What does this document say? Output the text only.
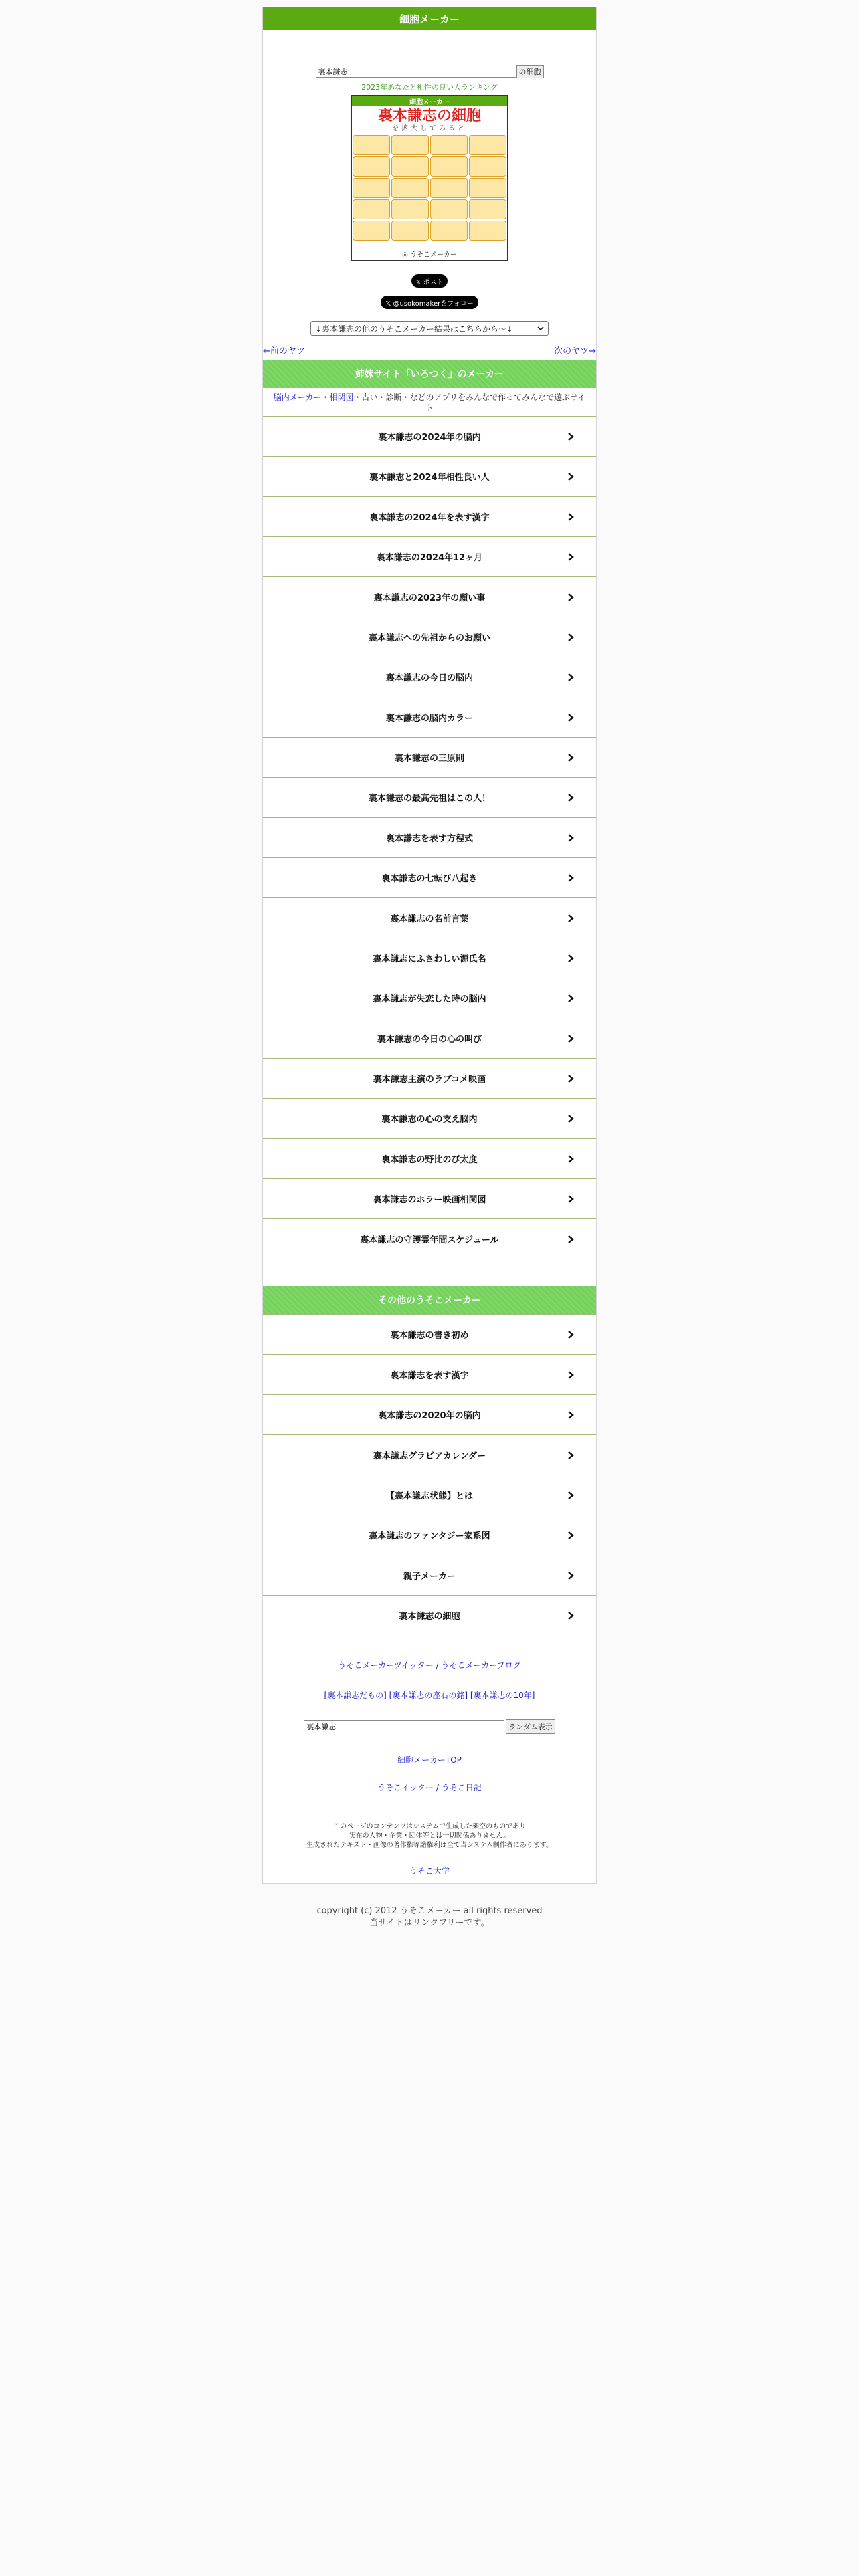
細胞メーカー
裏本謙志
の細胞
2023年あなたと相性の良い人ランキング
細胞メーカー
裏本謙志の細胞
を拡大してみると
◎ うそこメーカー
𝕏 ポスト
𝕏 @usokomakerをフォロー
↓裏本謙志の他のうそこメーカー結果はこちらから～↓
←前のヤツ	次のヤツ→
姉妹サイト「いろつく」のメーカー
脳内メーカー・相関図・占い・診断・などのアプリをみんなで作ってみんなで遊ぶサイト
裏本謙志の2024年の脳内
裏本謙志と2024年相性良い人
裏本謙志の2024年を表す漢字
裏本謙志の2024年12ヶ月
裏本謙志の2023年の願い事
裏本謙志への先祖からのお願い
裏本謙志の今日の脳内
裏本謙志の脳内カラー
裏本謙志の三原則
裏本謙志の最高先祖はこの人！
裏本謙志を表す方程式
裏本謙志の七転び八起き
裏本謙志の名前言葉
裏本謙志にふさわしい源氏名
裏本謙志が失恋した時の脳内
裏本謙志の今日の心の叫び
裏本謙志主演のラブコメ映画
裏本謙志の心の支え脳内
裏本謙志の野比のび太度
裏本謙志のホラー映画相関図
裏本謙志の守護霊年間スケジュール
その他のうそこメーカー
裏本謙志の書き初め
裏本謙志を表す漢字
裏本謙志の2020年の脳内
裏本謙志グラビアカレンダー
【裏本謙志状態】とは
裏本謙志のファンタジー家系図
親子メーカー
裏本謙志の細胞
うそこメーカーツイッター / うそこメーカーブログ
[裏本謙志だもの] [裏本謙志の座右の銘] [裏本謙志の10年]
裏本謙志
ランダム表示
細胞メーカーTOP
うそこイッター / うそこ日記
このページのコンテンツはシステムで生成した架空のものであり
実在の人物・企業・団体等とは一切関係ありません。
生成されたテキスト・画像の著作権等諸権利は全て当システム制作者にあります。
うそこ大学
copyright (c) 2012 うそこメーカー all rights reserved
当サイトはリンクフリーです。
